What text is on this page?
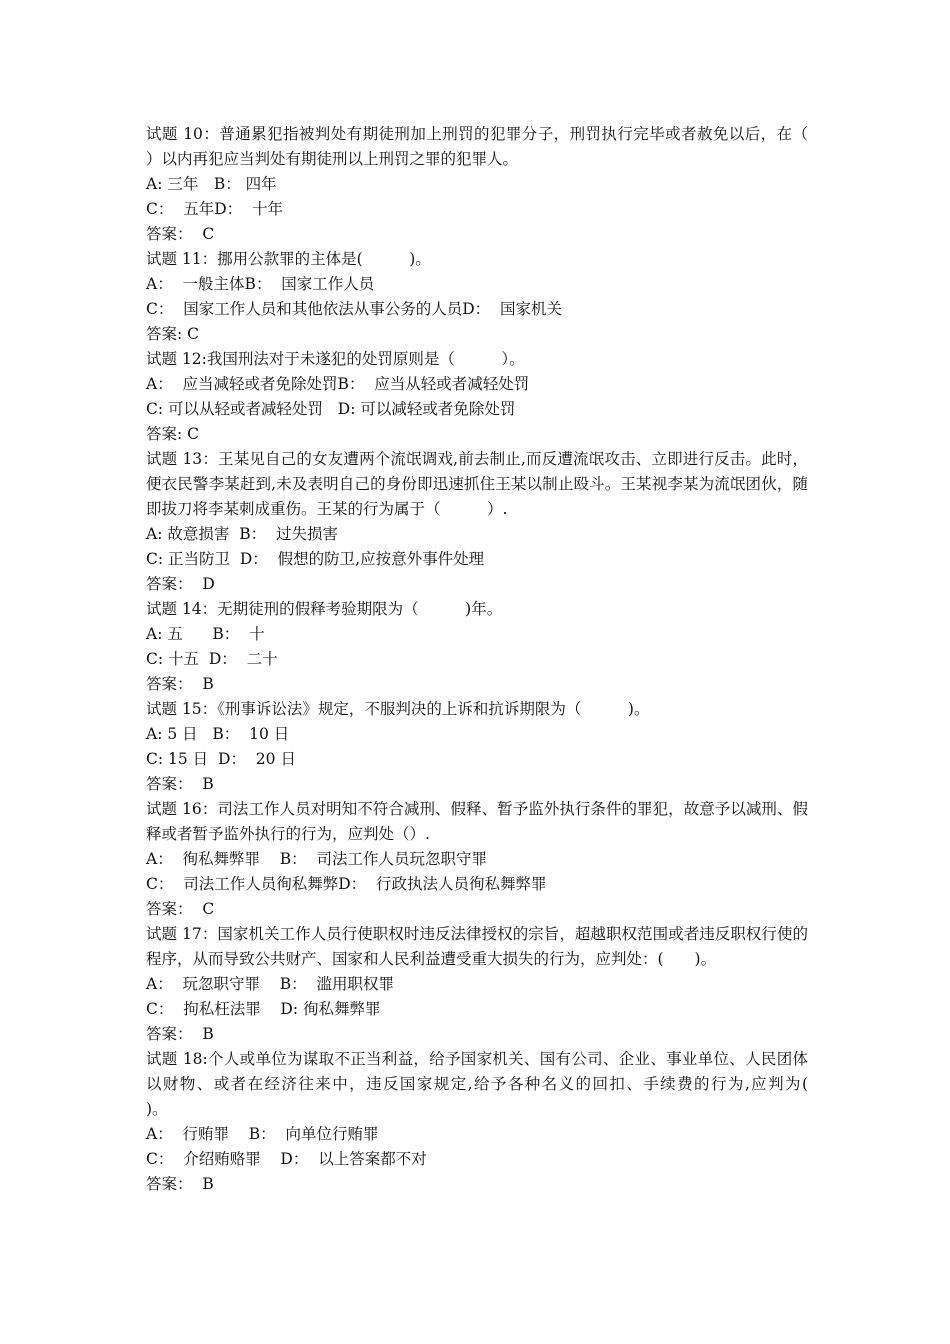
试题 10：普通累犯指被判处有期徒刑加上刑罚的犯罪分子，刑罚执行完毕或者赦免以后，在（　　　）以内再犯应当判处有期徒刑以上刑罚之罪的犯罪人。
A: 三年　B： 四年
C：  五年D：  十年
答案：  C
试题 11：挪用公款罪的主体是(　　　)。
A：  一般主体B：  国家工作人员
C：  国家工作人员和其他依法从事公务的人员D：  国家机关
答案: C
试题 12:我国刑法对于未遂犯的处罚原则是（　　　）。
A：  应当减轻或者免除处罚B：  应当从轻或者减轻处罚
C: 可以从轻或者减轻处罚   D: 可以减轻或者免除处罚
答案: C
试题 13：王某见自己的女友遭两个流氓调戏,前去制止,而反遭流氓攻击、立即进行反击。此时，便衣民警李某赶到,未及表明自己的身份即迅速抓住王某以制止殴斗。王某视李某为流氓团伙，随即拔刀将李某刺成重伤。王某的行为属于（　　　）.
A: 故意损害  B：  过失损害
C: 正当防卫  D：  假想的防卫,应按意外事件处理
答案：  D
试题 14：无期徒刑的假释考验期限为（　　　)年。
A: 五      B：  十
C: 十五  D：  二十
答案：  B
试题 15：《刑事诉讼法》规定，不服判决的上诉和抗诉期限为（　　　)。
A: 5 日   B：  10 日
C: 15 日  D：  20 日
答案：  B
试题 16：司法工作人员对明知不符合减刑、假释、暂予监外执行条件的罪犯，故意予以减刑、假释或者暂予监外执行的行为，应判处（）.
A：  徇私舞弊罪    B：  司法工作人员玩忽职守罪
C：  司法工作人员徇私舞弊D：  行政执法人员徇私舞弊罪
答案：  C
试题 17：国家机关工作人员行使职权时违反法律授权的宗旨，超越职权范围或者违反职权行使的程序，从而导致公共财产、国家和人民利益遭受重大损失的行为，应判处：(　　)。
A：  玩忽职守罪    B：  滥用职权罪
C：  拘私枉法罪    D: 徇私舞弊罪
答案：  B
试题 18:个人或单位为谋取不正当利益，给予国家机关、国有公司、企业、事业单位、人民团体以财物、或者在经济往来中，违反国家规定,给予各种名义的回扣、手续费的行为,应判为(　　　)。
A：  行贿罪    B：  向单位行贿罪
C：  介绍贿赂罪    D：  以上答案都不对
答案：  B
